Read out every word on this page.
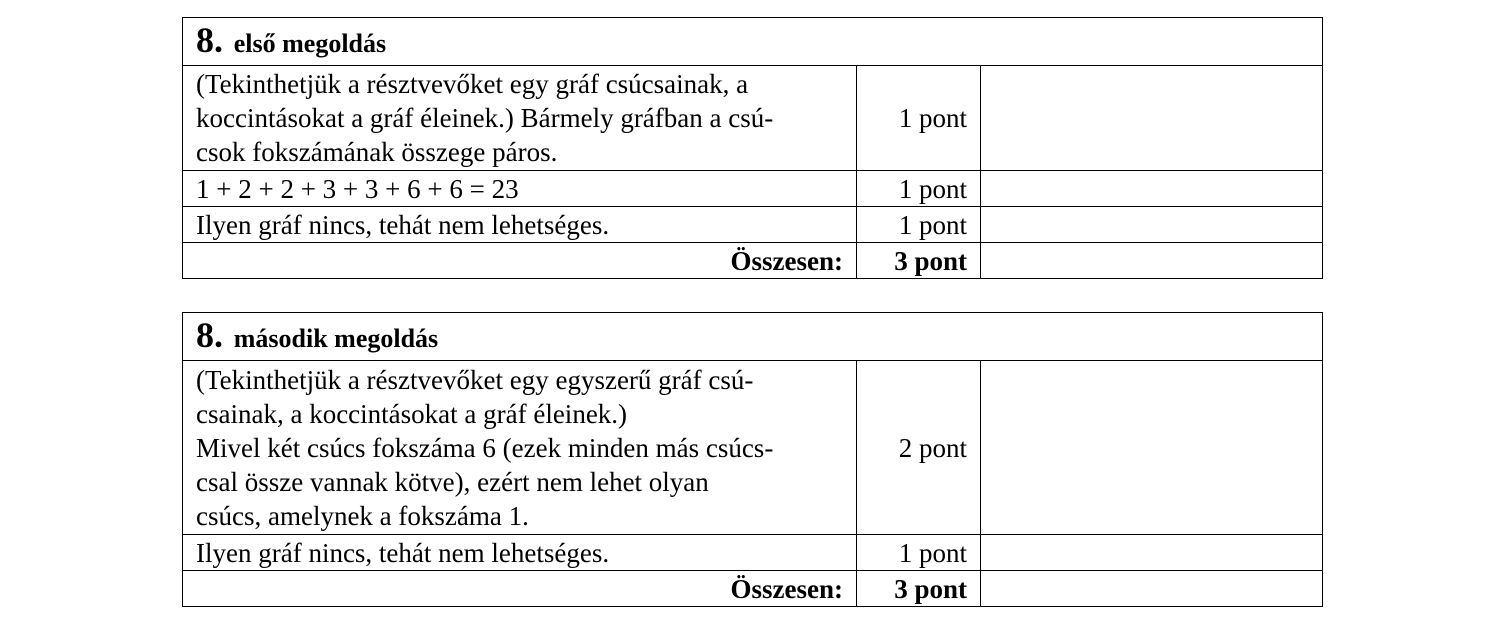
8. első megoldás		

(Tekinthetjük a résztvevőket egy gráf csúcsainak, a
koccintásokat a gráf éleinek.) Bármely gráfban a csú-
csok fokszámának összege páros.	1 pont	

1 + 2 + 2 + 3 + 3 + 6 + 6 = 23	1 pont	

Ilyen gráf nincs, tehát nem lehetséges.	1 pont	
Összesen:	3 pont	
8. második megoldás		

(Tekinthetjük a résztvevőket egy egyszerű gráf csú-
csainak, a koccintásokat a gráf éleinek.)
Mivel két csúcs fokszáma 6 (ezek minden más csúcs-
csal össze vannak kötve), ezért nem lehet olyan
csúcs, amelynek a fokszáma 1.	2 pont	

Ilyen gráf nincs, tehát nem lehetséges.	1 pont	
Összesen:	3 pont	
